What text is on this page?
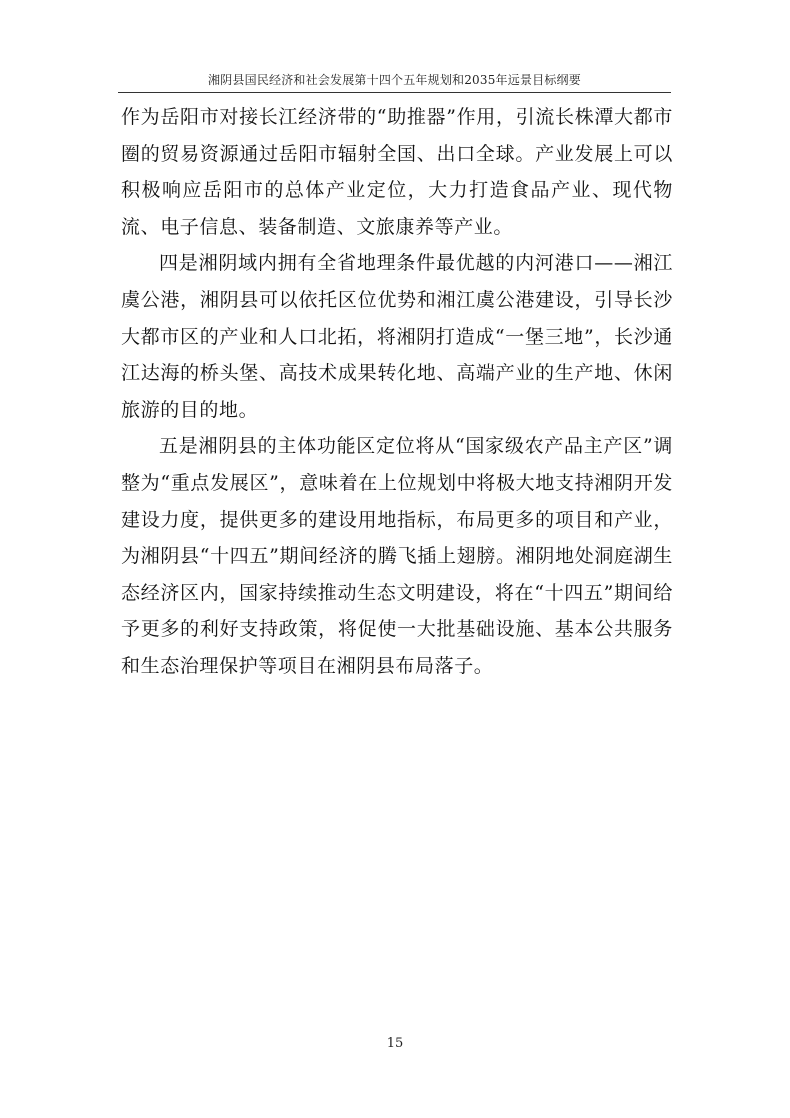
湘阴县国民经济和社会发展第十四个五年规划和2035年远景目标纲要

作为岳阳市对接长江经济带的“助推器”作用，引流长株潭大都市圈的贸易资源通过岳阳市辐射全国、出口全球。产业发展上可以积极响应岳阳市的总体产业定位，大力打造食品产业、现代物流、电子信息、装备制造、文旅康养等产业。

四是湘阴域内拥有全省地理条件最优越的内河港口——湘江虞公港，湘阴县可以依托区位优势和湘江虞公港建设，引导长沙大都市区的产业和人口北拓，将湘阴打造成“一堡三地”，长沙通江达海的桥头堡、高技术成果转化地、高端产业的生产地、休闲旅游的目的地。

五是湘阴县的主体功能区定位将从“国家级农产品主产区”调整为“重点发展区”，意味着在上位规划中将极大地支持湘阴开发建设力度，提供更多的建设用地指标，布局更多的项目和产业，为湘阴县“十四五”期间经济的腾飞插上翅膀。湘阴地处洞庭湖生态经济区内，国家持续推动生态文明建设，将在“十四五”期间给予更多的利好支持政策，将促使一大批基础设施、基本公共服务和生态治理保护等项目在湘阴县布局落子。

15
